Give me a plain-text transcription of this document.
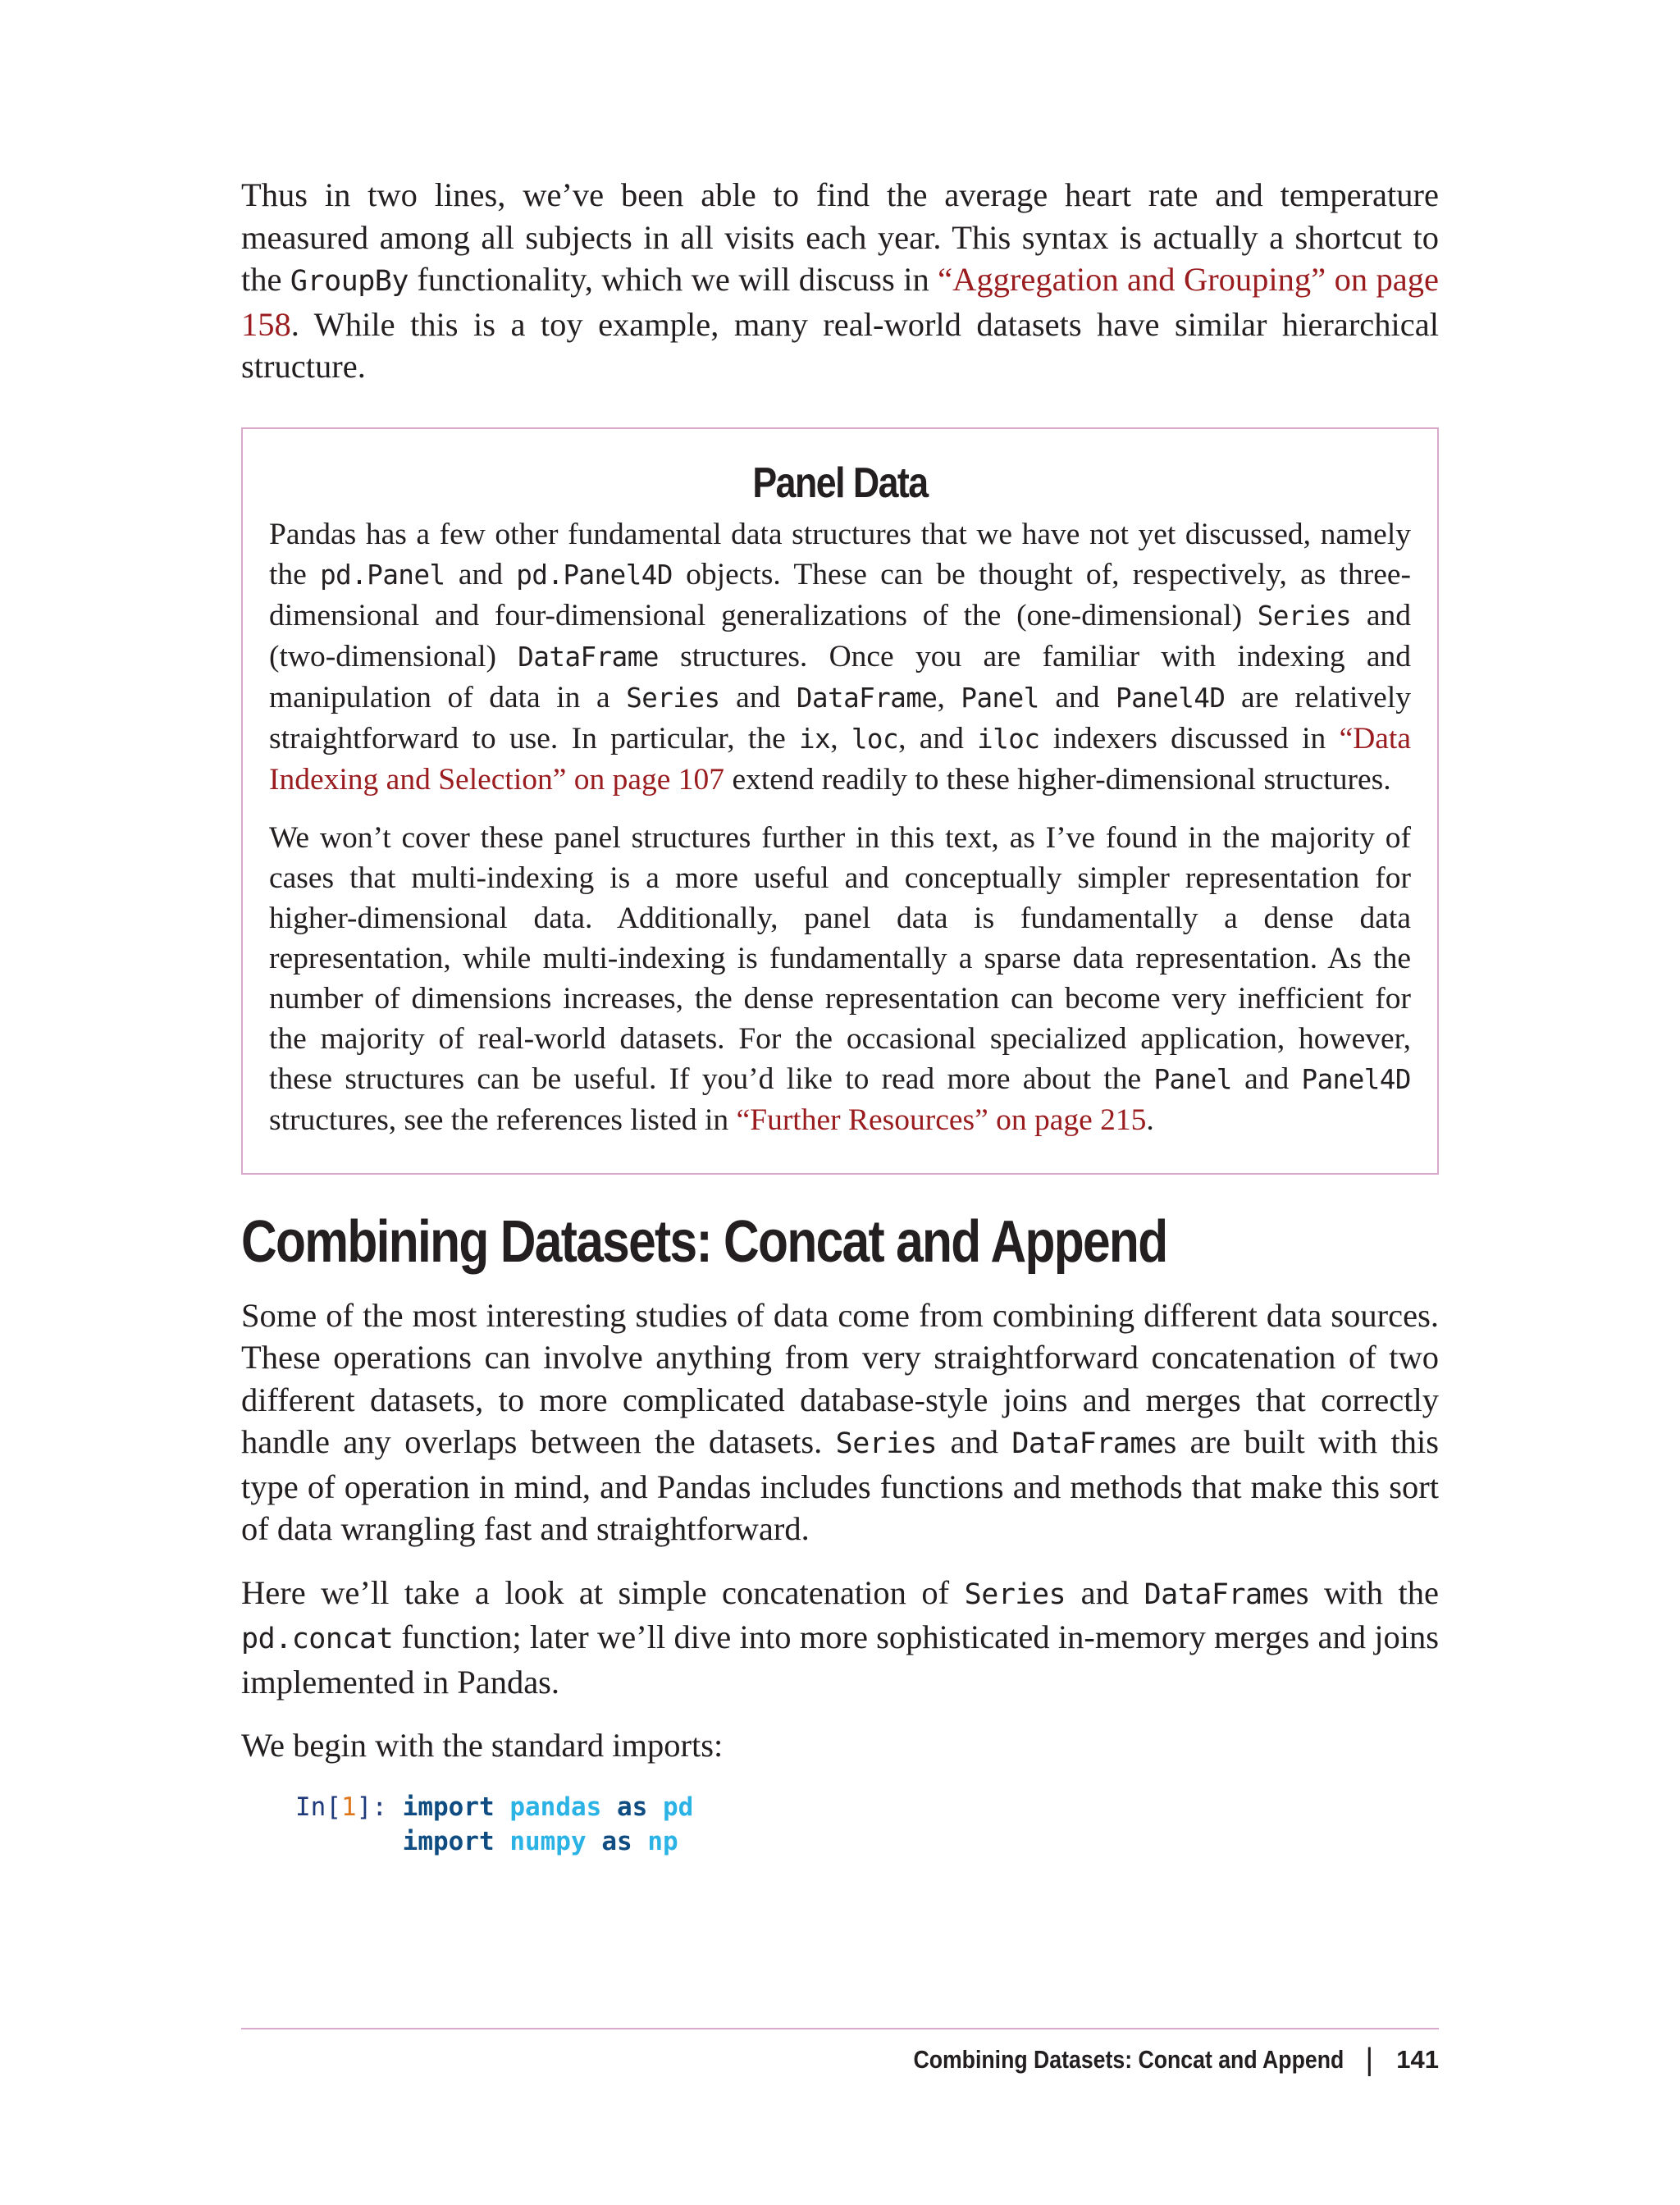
Thus in two lines, we’ve been able to find the average heart rate and temperature measured among all subjects in all visits each year. This syntax is actually a shortcut to the GroupBy functionality, which we will discuss in “Aggregation and Grouping” on page 158. While this is a toy example, many real-world datasets have similar hierarchical structure.

Panel Data

Pandas has a few other fundamental data structures that we have not yet discussed, namely the pd.Panel and pd.Panel4D objects. These can be thought of, respectively, as three-dimensional and four-dimensional generalizations of the (one-dimensional) Series and (two-dimensional) DataFrame structures. Once you are familiar with indexing and manipulation of data in a Series and DataFrame, Panel and Panel4D are relatively straightforward to use. In particular, the ix, loc, and iloc indexers discussed in “Data Indexing and Selection” on page 107 extend readily to these higher-dimensional structures.

We won’t cover these panel structures further in this text, as I’ve found in the majority of cases that multi-indexing is a more useful and conceptually simpler representation for higher-dimensional data. Additionally, panel data is fundamentally a dense data representation, while multi-indexing is fundamentally a sparse data representation. As the number of dimensions increases, the dense representation can become very inefficient for the majority of real-world datasets. For the occasional specialized application, however, these structures can be useful. If you’d like to read more about the Panel and Panel4D structures, see the references listed in “Further Resources” on page 215.

Combining Datasets: Concat and Append

Some of the most interesting studies of data come from combining different data sources. These operations can involve anything from very straightforward concatenation of two different datasets, to more complicated database-style joins and merges that correctly handle any overlaps between the datasets. Series and DataFrames are built with this type of operation in mind, and Pandas includes functions and methods that make this sort of data wrangling fast and straightforward.

Here we’ll take a look at simple concatenation of Series and DataFrames with the pd.concat function; later we’ll dive into more sophisticated in-memory merges and joins implemented in Pandas.

We begin with the standard imports:

In[1]: import pandas as pd
import numpy as np
Combining Datasets: Concat and Append | 141
